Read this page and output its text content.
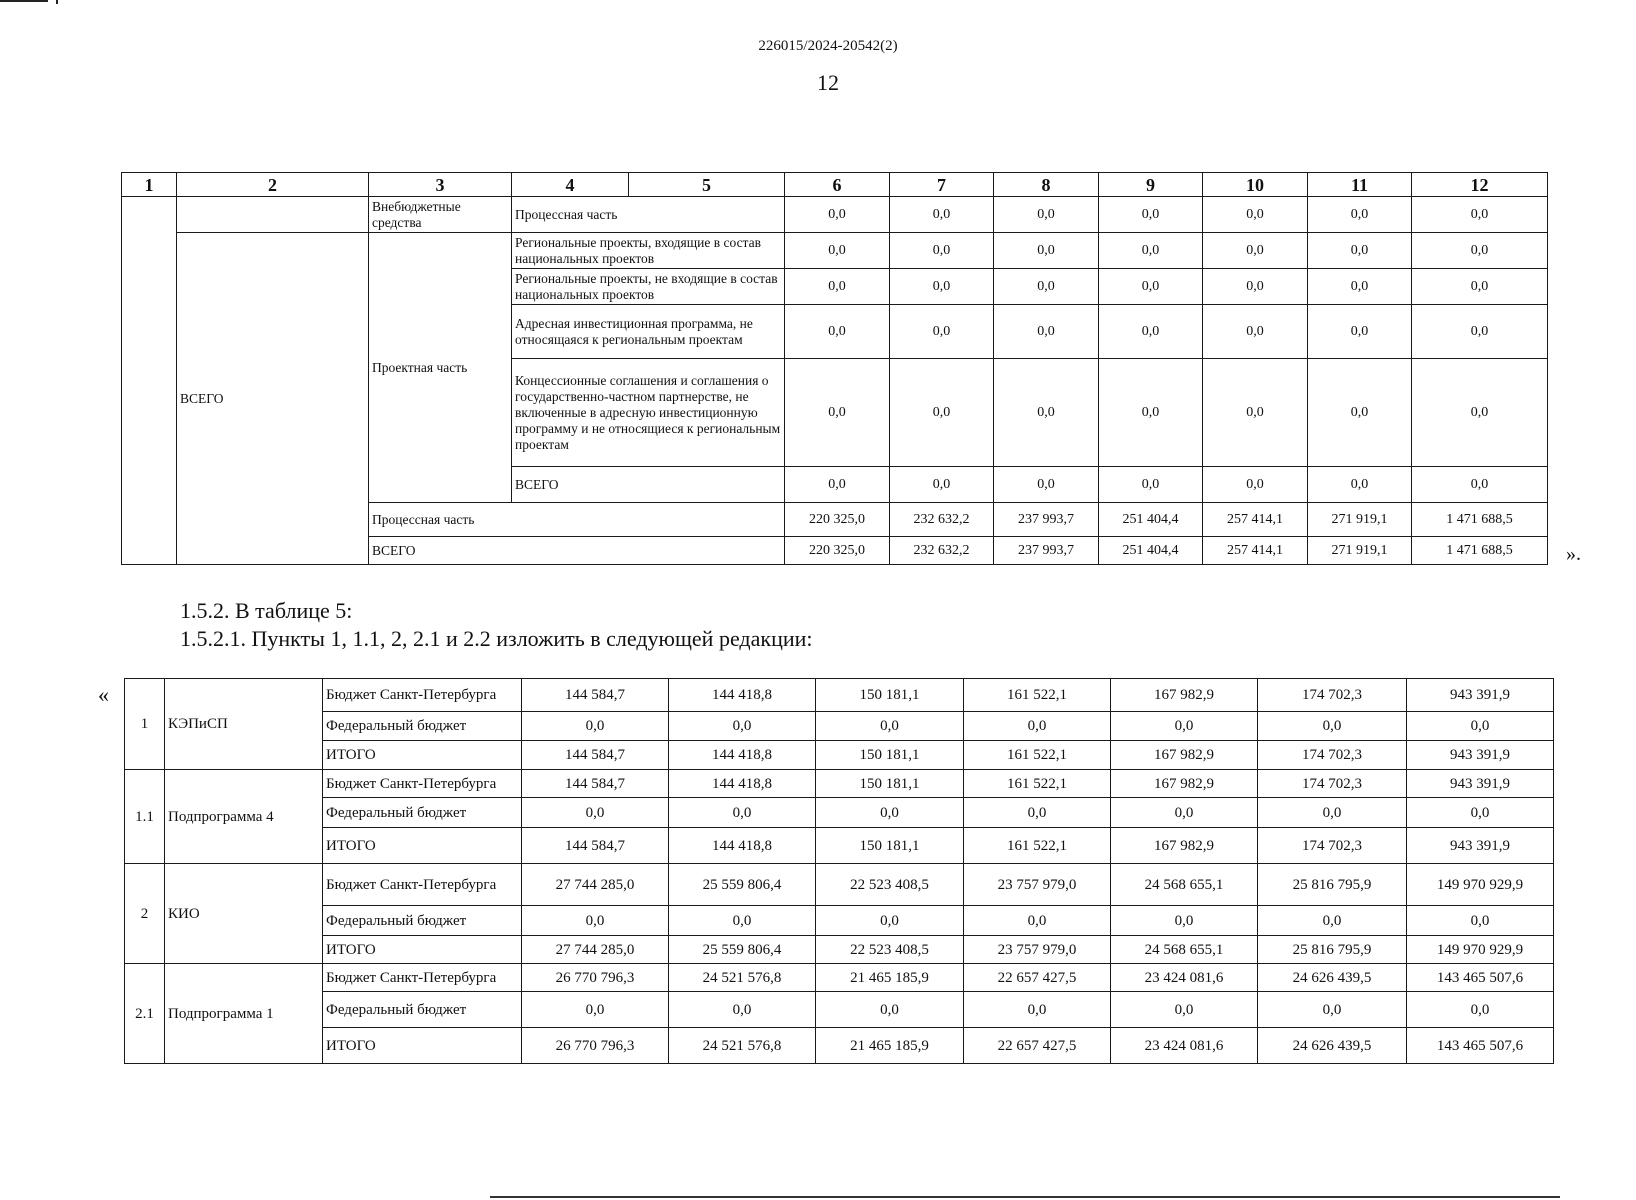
226015/2024-20542(2)
12
1	2	3	4	5	6	7	8	9	10	11	12
		Внебюджетные средства	Процессная часть		0,0	0,0	0,0	0,0	0,0	0,0	0,0
	ВСЕГО	Проектная часть	Региональные проекты, входящие в состав национальных проектов		0,0	0,0	0,0	0,0	0,0	0,0	0,0
			Региональные проекты, не входящие в состав национальных проектов		0,0	0,0	0,0	0,0	0,0	0,0	0,0
			Адресная инвестиционная программа, не относящаяся к региональным проектам		0,0	0,0	0,0	0,0	0,0	0,0	0,0
			Концессионные соглашения и соглашения о государственно-частном партнерстве, не включенные в адресную инвестиционную программу и не относящиеся к региональным проектам		0,0	0,0	0,0	0,0	0,0	0,0	0,0
			ВСЕГО		0,0	0,0	0,0	0,0	0,0	0,0	0,0
		Процессная часть			220 325,0	232 632,2	237 993,7	251 404,4	257 414,1	271 919,1	1 471 688,5
		ВСЕГО			220 325,0	232 632,2	237 993,7	251 404,4	257 414,1	271 919,1	1 471 688,5	».
1.5.2. В таблице 5:
1.5.2.1. Пункты 1, 1.1, 2, 2.1 и 2.2 изложить в следующей редакции:
«
1	КЭПиСП	Бюджет Санкт-Петербурга	144 584,7	144 418,8	150 181,1	161 522,1	167 982,9	174 702,3	943 391,9
		Федеральный бюджет	0,0	0,0	0,0	0,0	0,0	0,0	0,0
		ИТОГО	144 584,7	144 418,8	150 181,1	161 522,1	167 982,9	174 702,3	943 391,9
1.1	Подпрограмма 4	Бюджет Санкт-Петербурга	144 584,7	144 418,8	150 181,1	161 522,1	167 982,9	174 702,3	943 391,9
		Федеральный бюджет	0,0	0,0	0,0	0,0	0,0	0,0	0,0
		ИТОГО	144 584,7	144 418,8	150 181,1	161 522,1	167 982,9	174 702,3	943 391,9
2	КИО	Бюджет Санкт-Петербурга	27 744 285,0	25 559 806,4	22 523 408,5	23 757 979,0	24 568 655,1	25 816 795,9	149 970 929,9
		Федеральный бюджет	0,0	0,0	0,0	0,0	0,0	0,0	0,0
		ИТОГО	27 744 285,0	25 559 806,4	22 523 408,5	23 757 979,0	24 568 655,1	25 816 795,9	149 970 929,9
2.1	Подпрограмма 1	Бюджет Санкт-Петербурга	26 770 796,3	24 521 576,8	21 465 185,9	22 657 427,5	23 424 081,6	24 626 439,5	143 465 507,6
		Федеральный бюджет	0,0	0,0	0,0	0,0	0,0	0,0	0,0
		ИТОГО	26 770 796,3	24 521 576,8	21 465 185,9	22 657 427,5	23 424 081,6	24 626 439,5	143 465 507,6
